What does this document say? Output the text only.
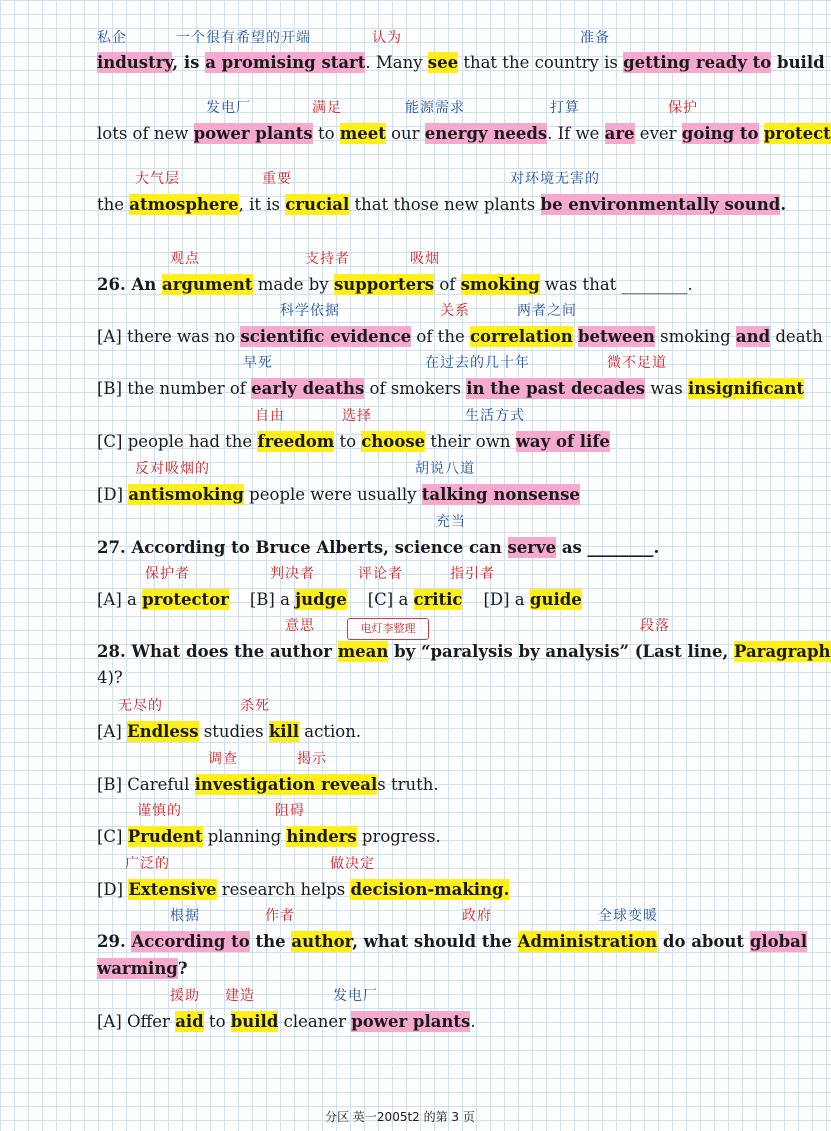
私企	一个很有希望的开端	认为	准备
industry, is a promising start. Many see that the country is getting ready to build
发电厂	满足	能源需求	打算	保护
lots of new power plants to meet our energy needs. If we are ever going to protect
大气层	重要	对环境无害的
the atmosphere, it is crucial that those new plants be environmentally sound.
观点	支持者	吸烟
26. An argument made by supporters of smoking was that ________.
科学依据	关系	两者之间
[A] there was no scientific evidence of the correlation between smoking and death
早死	在过去的几十年	微不足道
[B] the number of early deaths of smokers in the past decades was insignificant
自由	选择	生活方式
[C] people had the freedom to choose their own way of life
反对吸烟的	胡说八道
[D] antismoking people were usually talking nonsense
充当
27. According to Bruce Alberts, science can serve as ________.
保护者	判决者	评论者	指引者
[A] a protector    [B] a judge    [C] a critic    [D] a guide
意思	电灯李整理	段落
28. What does the author mean by “paralysis by analysis” (Last line, Paragraph
4)?
无尽的	杀死
[A] Endless studies kill action.
调查	揭示
[B] Careful investigation reveals truth.
谨慎的	阻碍
[C] Prudent planning hinders progress.
广泛的	做决定
[D] Extensive research helps decision-making.
根据	作者	政府	全球变暖
29. According to the author, what should the Administration do about global
warming?
援助 建造	发电厂
[A] Offer aid to build cleaner power plants.
分区 英一2005t2 的第 3 页
